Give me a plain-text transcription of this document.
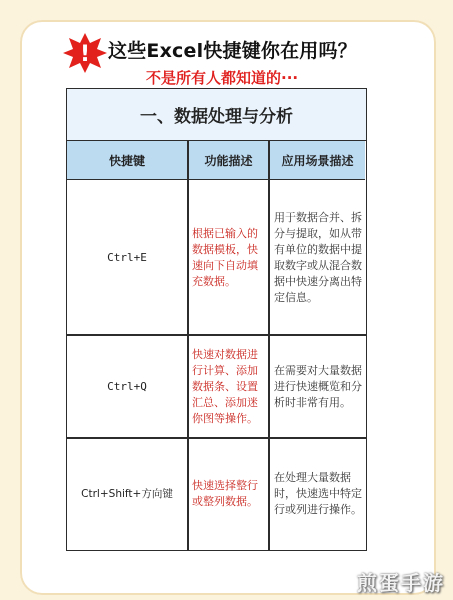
! 这些Excel快捷键你在用吗？
不是所有人都知道的···
一、数据处理与分析
快捷键	功能描述	应用场景描述
Ctrl+E
根据已输入的数据模板，快速向下自动填充数据。
用于数据合并、拆分与提取，如从带有单位的数据中提取数字或从混合数据中快速分离出特定信息。
Ctrl+Q
快速对数据进行计算、添加数据条、设置汇总、添加迷你图等操作。
在需要对大量数据进行快速概览和分析时非常有用。
Ctrl+Shift+方向键
快速选择整行或整列数据。
在处理大量数据时，快速选中特定行或列进行操作。
煎蛋手游
